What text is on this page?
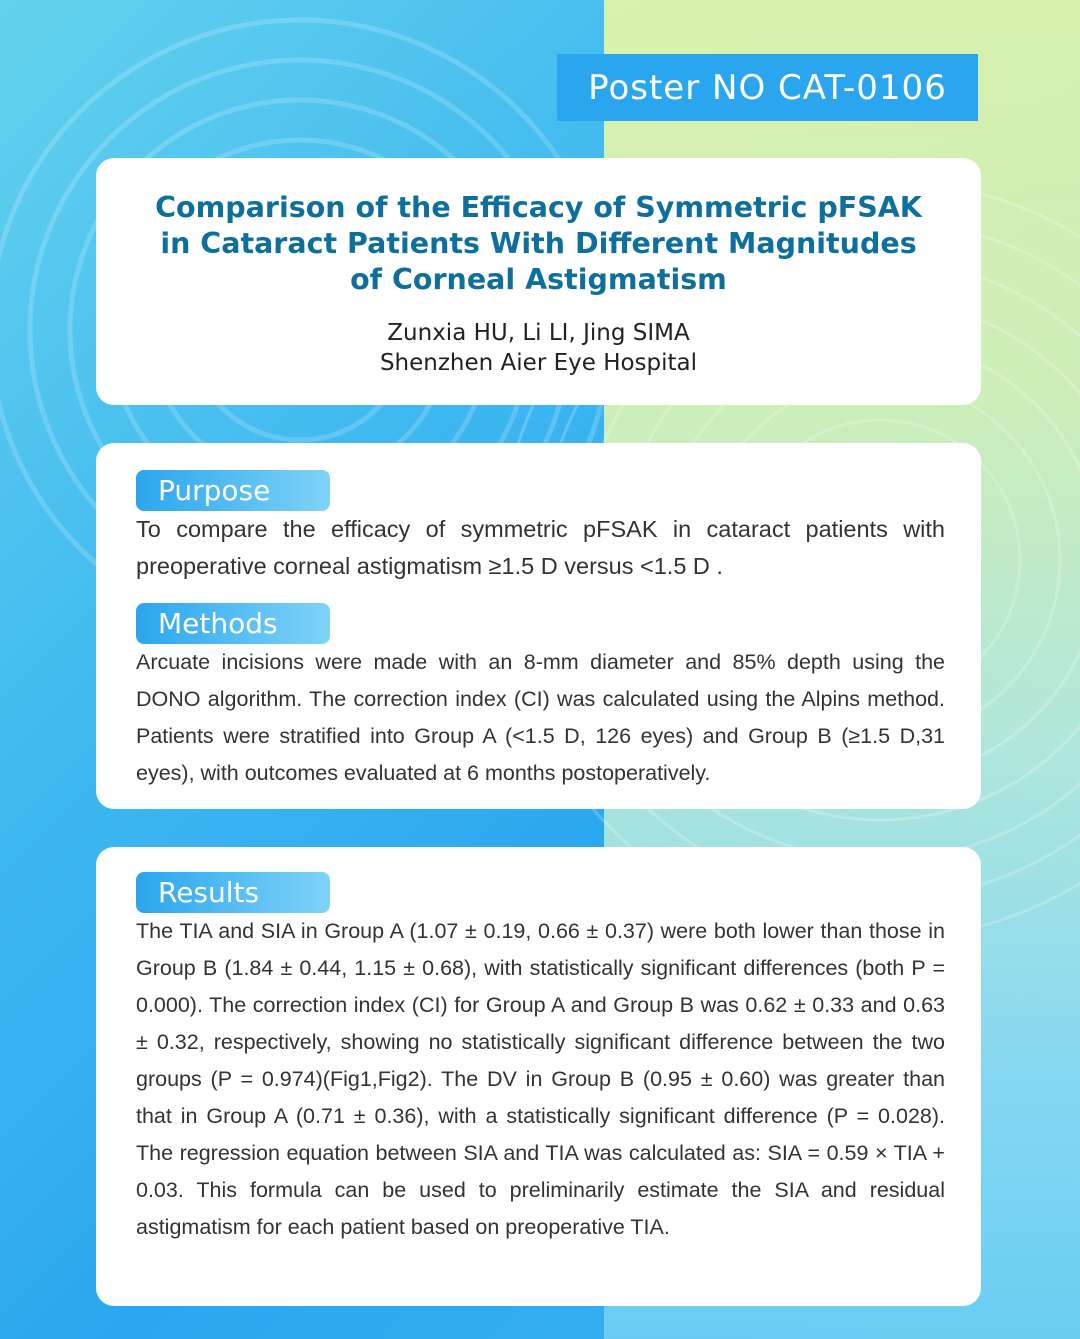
Poster NO CAT-0106
Comparison of the Efficacy of Symmetric pFSAK in Cataract Patients With Different Magnitudes of Corneal Astigmatism
Zunxia HU, Li LI, Jing SIMA
Shenzhen Aier Eye Hospital
Purpose
To compare the efficacy of symmetric pFSAK in cataract patients with preoperative corneal astigmatism ≥1.5 D versus <1.5 D .
Methods
Arcuate incisions were made with an 8-mm diameter and 85% depth using the DONO algorithm. The correction index (CI) was calculated using the Alpins method. Patients were stratified into Group A (<1.5 D, 126 eyes) and Group B (≥1.5 D,31 eyes), with outcomes evaluated at 6 months postoperatively.
Results
The TIA and SIA in Group A (1.07 ± 0.19, 0.66 ± 0.37) were both lower than those in Group B (1.84 ± 0.44, 1.15 ± 0.68), with statistically significant differences (both P = 0.000). The correction index (CI) for Group A and Group B was 0.62 ± 0.33 and 0.63 ± 0.32, respectively, showing no statistically significant difference between the two groups (P = 0.974)(Fig1,Fig2). The DV in Group B (0.95 ± 0.60) was greater than that in Group A (0.71 ± 0.36), with a statistically significant difference (P = 0.028). The regression equation between SIA and TIA was calculated as: SIA = 0.59 × TIA + 0.03. This formula can be used to preliminarily estimate the SIA and residual astigmatism for each patient based on preoperative TIA.
